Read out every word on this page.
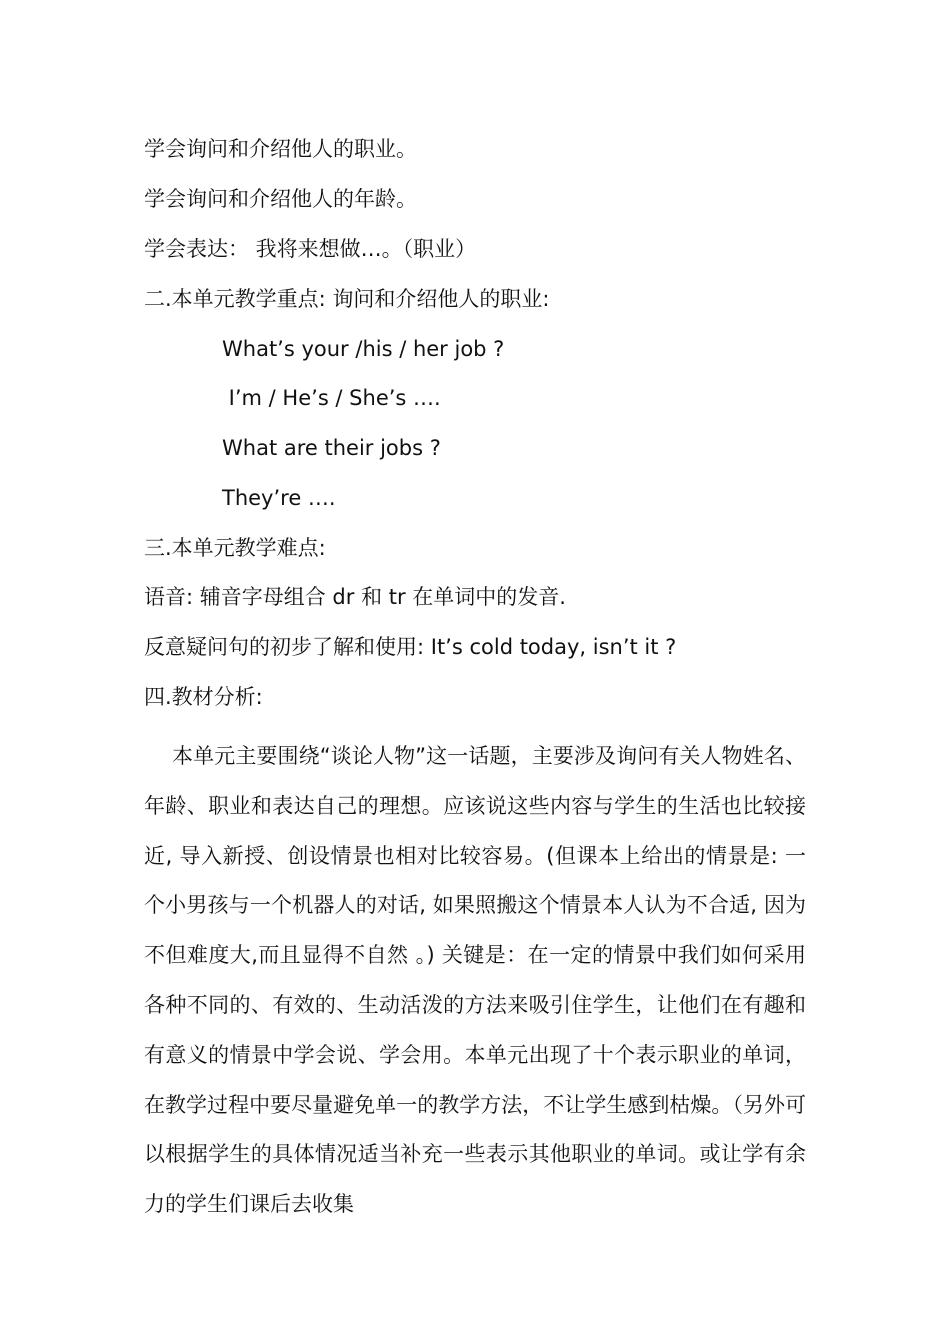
学会询问和介绍他人的职业。
学会询问和介绍他人的年龄。
学会表达： 我将来想做…。（职业）
二.本单元教学重点: 询问和介绍他人的职业:
What’s your /his / her job ?
I’m / He’s / She’s ….
What are their jobs ?
They’re ….
三.本单元教学难点:
语音: 辅音字母组合 dr 和 tr 在单词中的发音.
反意疑问句的初步了解和使用: It’s cold today, isn’t it ?
四.教材分析:
本单元主要围绕“谈论人物”这一话题，主要涉及询问有关人物姓名、年龄、职业和表达自己的理想。应该说这些内容与学生的生活也比较接近, 导入新授、创设情景也相对比较容易。(但课本上给出的情景是: 一个小男孩与一个机器人的对话, 如果照搬这个情景本人认为不合适, 因为不但难度大,而且显得不自然 。) 关键是：在一定的情景中我们如何采用各种不同的、有效的、生动活泼的方法来吸引住学生，让他们在有趣和有意义的情景中学会说、学会用。本单元出现了十个表示职业的单词，在教学过程中要尽量避免单一的教学方法，不让学生感到枯燥。（另外可以根据学生的具体情况适当补充一些表示其他职业的单词。或让学有余力的学生们课后去收集
